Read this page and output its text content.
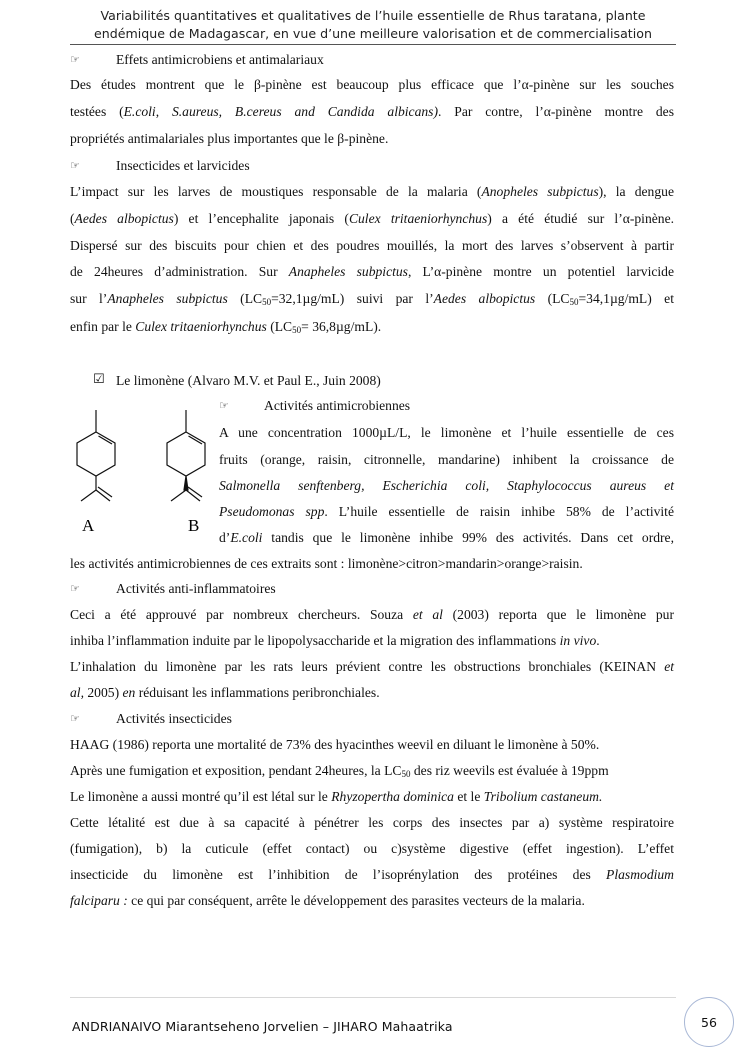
Variabilités quantitatives et qualitatives de l’huile essentielle de Rhus taratana, plante
endémique de Madagascar, en vue d’une meilleure valorisation et de commercialisation
☞	Effets antimicrobiens et antimalariaux
Des études montrent que le β-pinène est beaucoup plus efficace que l’α-pinène sur les souches
testées (E.coli, S.aureus, B.cereus and Candida albicans). Par contre, l’α-pinène montre des
propriétés antimalariales plus importantes que le β-pinène.
☞	Insecticides et larvicides
L’impact sur les larves de moustiques responsable de la malaria (Anopheles subpictus), la dengue
(Aedes albopictus) et l’encephalite japonais (Culex tritaeniorhynchus) a été étudié sur l’α-pinène.
Dispersé sur des biscuits pour chien et des poudres mouillés, la mort des larves s’observent à partir
de 24heures d’administration. Sur Anapheles subpictus, L’α-pinène montre un potentiel larvicide
sur l’Anapheles subpictus $(LC_{50}=32,1\mu g/mL)$ suivi par l’Aedes albopictus $(LC_{50}=34,1\mu g/mL)$ et
enfin par le Culex tritaeniorhynchus $(LC_{50}= 36,8\mu g/mL)$.
☑ Le limonène (Alvaro M.V. et Paul E., Juin 2008)
A	B
☞	Activités antimicrobiennes
A une concentration 1000µL/L, le limonène et l’huile essentielle de ces
fruits (orange, raisin, citronnelle, mandarine) inhibent la croissance de
Salmonella senftenberg, Escherichia coli, Staphylococcus aureus et
Pseudomonas spp. L’huile essentielle de raisin inhibe 58% de l’activité
d’E.coli tandis que le limonène inhibe 99% des activités. Dans cet ordre,
les activités antimicrobiennes de ces extraits sont : limonène>citron>mandarin>orange>raisin.
☞	Activités anti-inflammatoires
Ceci a été approuvé par nombreux chercheurs. Souza et al (2003) reporta que le limonène pur
inhiba l’inflammation induite par le lipopolysaccharide et la migration des inflammations in vivo.
L’inhalation du limonène par les rats leurs prévient contre les obstructions bronchiales (KEINAN et
al, 2005) en réduisant les inflammations peribronchiales.
☞	Activités insecticides
HAAG (1986) reporta une mortalité de 73% des hyacinthes weevil en diluant le limonène à 50%.
Après une fumigation et exposition, pendant 24heures, la $LC_{50}$ des riz weevils est évaluée à 19ppm
Le limonène a aussi montré qu’il est létal sur le Rhyzopertha dominica et le Tribolium castaneum.
Cette létalité est due à sa capacité à pénétrer les corps des insectes par a) système respiratoire
(fumigation), b) la cuticule (effet contact) ou c)système digestive (effet ingestion). L’effet
insecticide du limonène est l’inhibition de l’isoprénylation des protéines des Plasmodium
falciparu : ce qui par conséquent, arrête le développement des parasites vecteurs de la malaria.
ANDRIANAIVO Miarantseheno Jorvelien – JIHARO Mahaatrika	56
